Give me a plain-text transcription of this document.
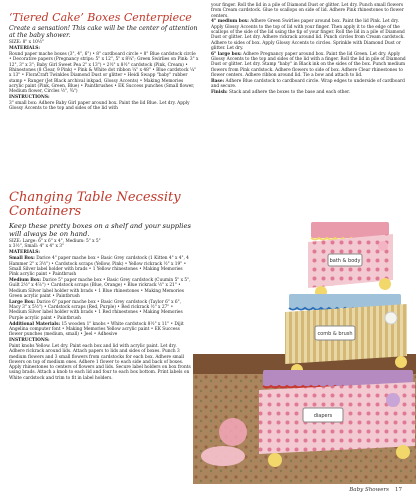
‘Tiered Cake’ Boxes Centerpiece

Create a sensation! This cake will be the center of attention at the baby shower.

SIZE: 8" x 10½"

MATERIALS:

Round paper mache boxes (3", 4", 6") • 8" cardboard circle • 8" Blue cardstock circle • Decorative papers (Pregnancy strips: 5" x 12", 5" x 8¼"; Green Swirlies on Pink: 3" x 12", 3" x 3"; Baby Girl Sweet Pea 2" x 13") • 2½" x 8½" cardstock (Pink, Cream) • Rhinestones (8 Clear, 9 Pink) • Pink & White dot ribbon ¼" x 48" • Blue cardstock ¼" x 13" • FloraCraft Twinkles Diamond Dust or glitter • Heidi Swapp "baby" rubber stamp • Ranger (Jet Black archival inkpad, Glossy Accents) • Making Memories acrylic paint (Pink, Green, Blue) • Paintbrushes • EK Success punches (Small flower, Medium flower, Circles ½", ¾")

INSTRUCTIONS:

3" small box: Adhere Baby Girl paper around box. Paint the lid Blue. Let dry. Apply Glossy Accents to the top and sides of the lid with

your finger. Roll the lid in a pile of Diamond Dust or glitter. Let dry. Punch small flowers from Cream cardstock. Glue to scallops on side of lid. Adhere Pink rhinestones to flower centers.

4" medium box: Adhere Green Swirlies paper around box. Paint the lid Pink. Let dry. Apply Glossy Accents to the top of lid with your finger. Then apply it to the edge of the scallops of the side of the lid using the tip of your finger. Roll the lid in a pile of Diamond Dust or glitter. Let dry. Adhere rickrack around lid. Punch circles from Cream cardstock. Adhere to sides of box. Apply Glossy Accents to circles. Sprinkle with Diamond Dust or glitter. Let dry.

6" large box: Adhere Pregnancy paper around box. Paint the lid Green. Let dry. Apply Glossy Accents to the top and sides of the lid with a finger. Roll the lid in pile of Diamond Dust or glitter. Let dry. Stamp "baby" in Black ink on the sides of the box. Punch medium flowers from Pink cardstock. Adhere flowers to side of box. Adhere Clear rhinestones to flower centers. Adhere ribbon around lid. Tie a bow and attach to lid.

Base: Adhere Blue cardstock to cardboard circle. Wrap edges to underside of cardboard and secure.

Finish: Stack and adhere the boxes to the base and each other.

Changing Table Necessity
Containers

Keep these pretty boxes on a shelf and your supplies will always be on hand.

SIZE: Large: 6" x 6" x 4", Medium: 5" x 5"

x 3½", Small: 4" x 4" x 3"

MATERIALS:

Small Box: Darice 4" paper mache box • Basic Grey cardstock (1 Kitten 4" x 4", 4 Hammer 2" x 3½") • Cardstock scraps (Yellow, Pink) • Yellow rickrack ½" x 19" • Small Silver label holder with brads • 1 Yellow rhinestones • Making Memories Pink acrylic paint • Paintbrush

Medium Box: Darice 5" paper mache box • Basic Grey cardstock (Cuumin 5" x 5", Guilt 2½" x 4⅞") • Cardstock scraps (Blue, Orange) • Blue rickrack ½" x 21" • Medium Silver label holder with brads • 1 Blue rhinestones • Making Memories Green acrylic paint • Paintbrush

Large Box: Darice 6" paper mache box • Basic Grey cardstock (Taylor 6" x 6", Macy 3" x 5½") • Cardstock scraps (Red, Purple) • Red rickrack ½" x 27" • Medium Silver label holder with brads • 1 Red rhinestones • Making Memories Purple acrylic paint • Paintbrush

Additional Materials: 15 wooden 1" knobs • White cardstock 8½" x 11" • Dijit Angelina computer font • Making Memories Yellow acrylic paint • EK Success flower punches (medium, small) • Jeel • Adhesive

INSTRUCTIONS:

Paint knobs Yellow. Let dry. Paint each box and lid with acrylic paint. Let dry. Adhere rickrack around lids. Attach papers to lids and sides of boxes. Punch 3 medium flowers and 3 small flowers from cardstocks for each box. Adhere small flowers on top of medium ones. Adhere 1 flower to each side and back of boxes. Apply rhinestones to centers of flowers and lids. Secure label holders on box fronts using brads. Attach a knob to each lid and four to each box bottom. Print labels on White cardstock and trim to fit in label holders.

bath & body
comb & brush
diapers
Baby Showers 17
